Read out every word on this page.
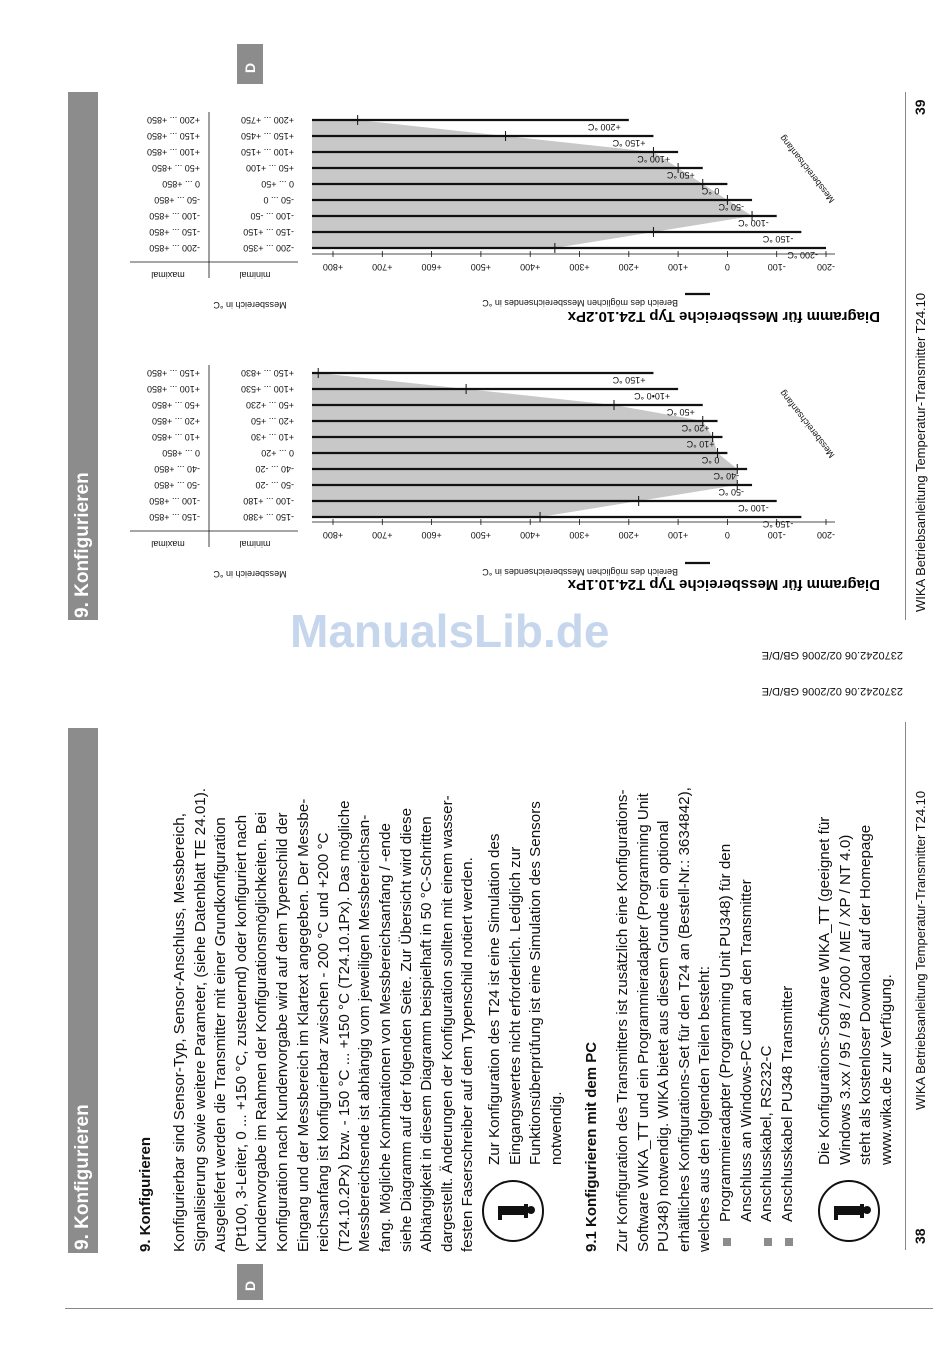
9. Konfigurieren
D
9. Konfigurieren Konfigurierbar sind Sensor-Typ, Sensor-Anschluss, Messbereich, Signalisierung sowie weitere Parameter, (siehe Datenblatt TE 24.01). Ausgeliefert werden die Transmitter mit einer Grundkonfiguration (Pt100, 3-Leiter, 0 ... +150 °C, zusteuernd) oder konfiguriert nach Kundenvorgabe im Rahmen der Konfigurationsmöglichkeiten. Bei Konfiguration nach Kundenvorgabe wird auf dem Typenschild der Eingang und der Messbereich im Klartext angegeben. Der Messbe- reichsanfang ist konfigurierbar zwischen - 200 °C und +200 °C (T24.10.2Px) bzw. - 150 °C ... +150 °C (T24.10.1Px). Das mögliche Messbereichsende ist abhängig vom jeweiligen Messbereichsan- fang. Mögliche Kombinationen von Messbereichsanfang / -ende siehe Diagramm auf der folgenden Seite. Zur Übersicht wird diese Abhängigkeit in diesem Diagramm beispielhaft in 50 °C-Schritten dargestellt. Änderungen der Konfiguration sollten mit einem wasser- festen Faserschreiber auf dem Typenschild notiert werden. Zur Konfiguration des T24 ist eine Simulation des Eingangswertes nicht erforderlich. Lediglich zur Funktionsüberprüfung ist eine Simulation des Sensors notwendig. 9.1 Konfigurieren mit dem PC Zur Konfiguration des Transmitters ist zusätzlich eine Konfigurations- Software WIKA_TT und ein Programmieradapter (Programming Unit PU348) notwendig. WIKA bietet aus diesem Grunde ein optional erhältliches Konfigurations-Set für den T24 an (Bestell-Nr.: 3634842), welches aus den folgenden Teilen besteht: Programmieradapter (Programming Unit PU348) für den Anschluss an Windows-PC und an den Transmitter Anschlusskabel, RS232-C Anschlusskabel PU348 Transmitter Die Konfigurations-Software WIKA_TT (geeignet für Windows 3.xx / 95 / 98 / 2000 / ME / XP / NT 4.0) steht als kostenloser Download auf der Homepage www.wika.de zur Verfügung.
38
WIKA Betriebsanleitung Temperatur-Transmitter T24.10
2370242.06 02/2006 GB/D/E
2370242.06 02/2006 GB/D/E
9. Konfigurieren
D
39
WIKA Betriebsanleitung Temperatur-Transmitter T24.10
ManualsLib.de
-150 °C
-150 ... +380
-150 ... +850
-100 °C
-100 ... +180
-100 ... +850
-50 °C
-50 ... -20
-50 ... +850
-40 °C
-40 ... -20
-40 ... +850
0 °C
0 ... +20
0 ... +850
+10 °C
+10 ... +30
+10 ... +850
+20 °C
+20 ... +50
+20 ... +850
+50 °C
+50 ... +230
+50 ... +850
+10•0 °C
+100 ... +530
+100 ... +850
+150 °C
+150 ... +830
+150 ... +850
-200
-100
0
+100
+200
+300
+400
+500
+600
+700
+800
minimal
maximal
Messbereich in °C	Bereich des möglichen Messbereichsendes in °C
Diagramm für Messbereiche Typ T24.10.1Px
Messbereichsanfang
-200 °C
-200 ... +350
-200 ... +850
-150 °C
-150 ... +150
-150 ... +850
-100 °C
-100 ... -50
-100 ... +850
-50 °C
-50 ... 0
-50 ... +850
0 °C
0 ... +50
0 ... +850
+50 °C
+50 ... +100
+50 ... +850
+100 °C
+100 ... +150
+100 ... +850
+150 °C
+150 ... +450
+150 ... +850
+200 °C
+200 ... +750
+200 ... +850
-200
-100
0
+100
+200
+300
+400
+500
+600
+700
+800
minimal
maximal
Messbereich in °C	Bereich des möglichen Messbereichsendes in °C
Diagramm für Messbereiche Typ T24.10.2Px
Messbereichsanfang
